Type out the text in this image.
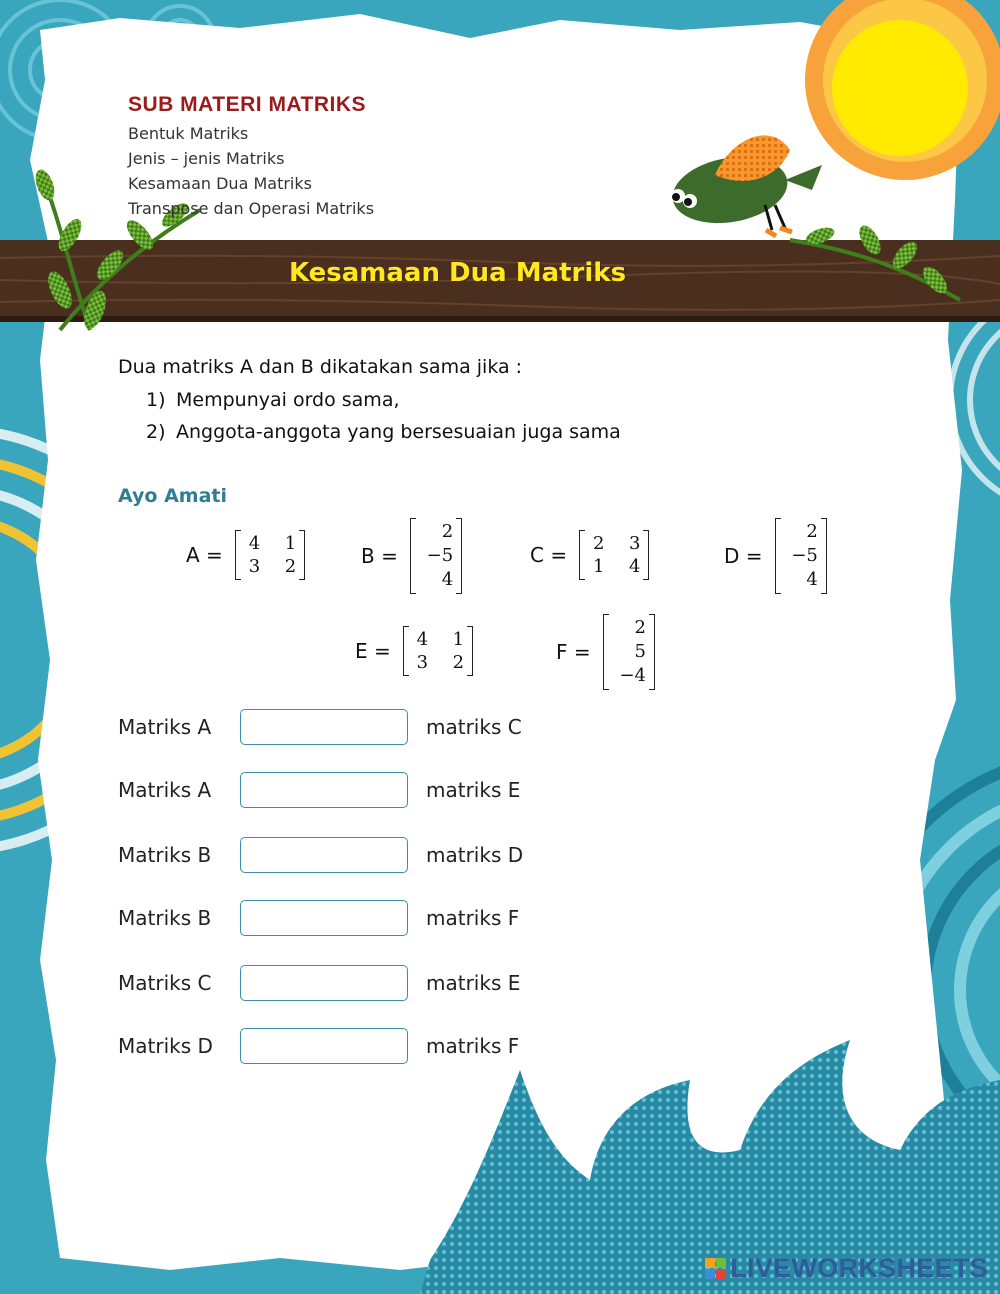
SUB MATERI MATRIKS
Bentuk Matriks
Jenis – jenis Matriks
Kesamaan Dua Matriks
Transpose dan Operasi Matriks
Kesamaan Dua Matriks
Dua matriks A dan B dikatakan sama jika :
1) Mempunyai ordo sama,
2) Anggota-anggota yang bersesuaian juga sama
Ayo Amati
A = 4 1
3 2	B =
2
−5
4
C = 2 3
1 4	D =
2
−5
4
E = 4 1
3 2	F =
2
5
−4
Matriks A	matriks C
Matriks A	matriks E
Matriks B	matriks D
Matriks B	matriks F
Matriks C	matriks E
Matriks D	matriks F
LIVEWORKSHEETS
